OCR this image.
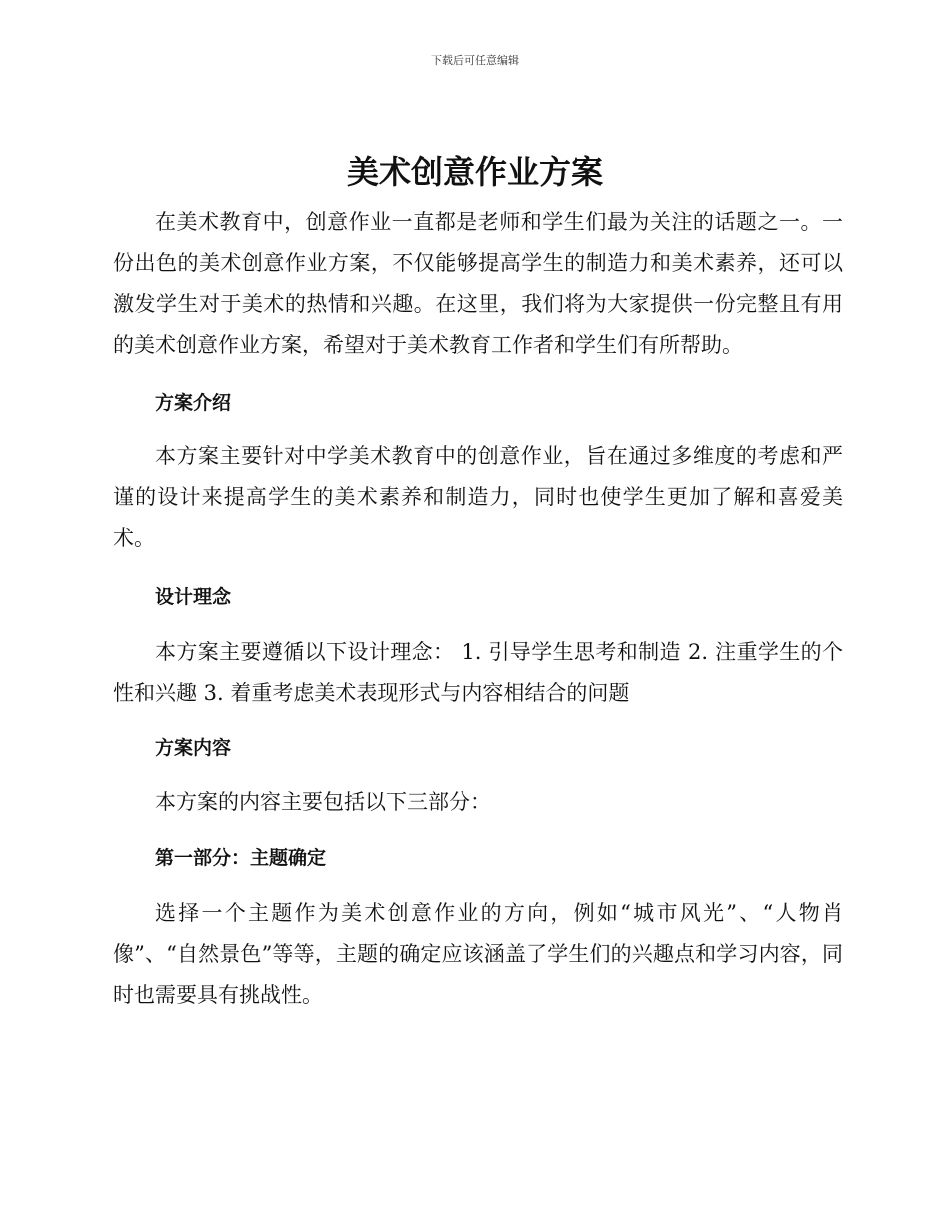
下载后可任意编辑
美术创意作业方案

在美术教育中，创意作业一直都是老师和学生们最为关注的话题之一。一份出色的美术创意作业方案，不仅能够提高学生的制造力和美术素养，还可以激发学生对于美术的热情和兴趣。在这里，我们将为大家提供一份完整且有用的美术创意作业方案，希望对于美术教育工作者和学生们有所帮助。

方案介绍

本方案主要针对中学美术教育中的创意作业，旨在通过多维度的考虑和严谨的设计来提高学生的美术素养和制造力，同时也使学生更加了解和喜爱美术。

设计理念

本方案主要遵循以下设计理念： 1. 引导学生思考和制造 2. 注重学生的个性和兴趣 3. 着重考虑美术表现形式与内容相结合的问题

方案内容

本方案的内容主要包括以下三部分：

第一部分：主题确定

选择一个主题作为美术创意作业的方向，例如“城市风光”、“人物肖像”、“自然景色”等等，主题的确定应该涵盖了学生们的兴趣点和学习内容，同时也需要具有挑战性。
